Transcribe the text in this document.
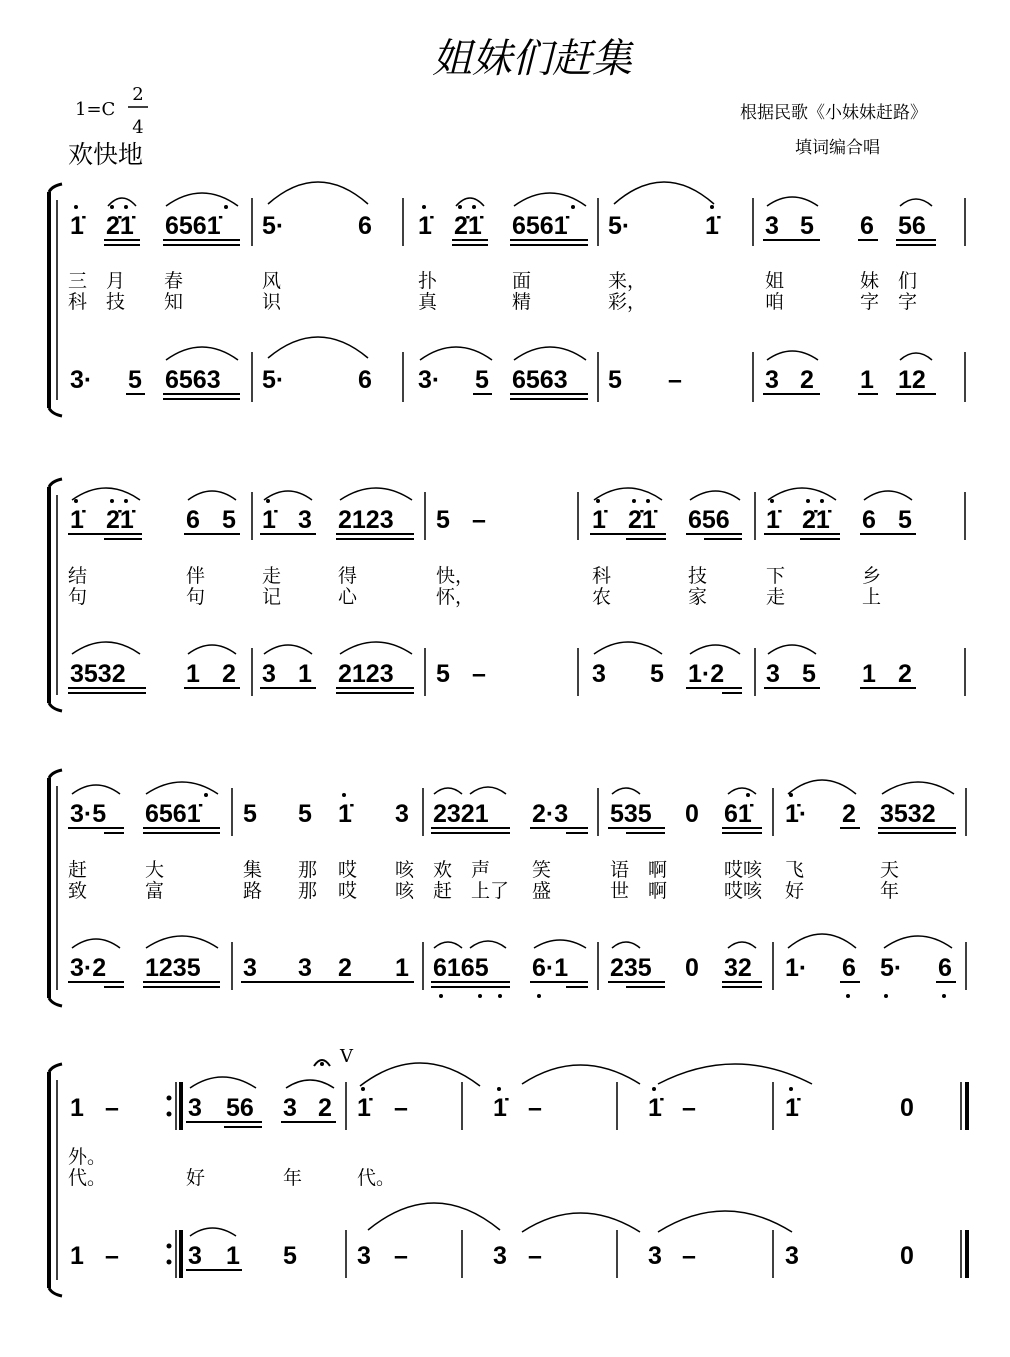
姐妹们赶集
1=C
2
4
欢快地
根据民歌《小妹妹赶路》
填词编合唱
1̇ 2̇1̇ 6561̇ 5·	6 1̇ 2̇1̇ 6561̇ 5·	1̇ 3 5 6 56
三 月 春	风	扑	面	来，	姐	妹 们
科 技 知	识	真	精	彩，	咱	字 字
3· 5 6563 5·	6 3· 5 6563 5 –	3 2 1 12
1̇ 2̇1̇ 6 5 1̇ 3 2123 5 –	1̇ 2̇1̇ 656 1̇ 2̇1̇ 6 5
结	伴	走	得	快，	科	技	下	乡
句	句	记	心	怀，	农	家	走	上
3532 1 2 3 1 2123 5 –	3 5 1·2 3 5 1 2
3·5 6561̇ 5 5 1̇ 3 2321 2·3 535 0 61̇ 1̇· 2 3532
赶	大	集 那 哎 咳 欢 声 笑	语 啊	哎咳 飞	天
致	富	路 那 哎 咳 赶 上了 盛	世 啊	哎咳 好	年
3·2 1235 3 3 2 1 6165 6·1 235 0 32 1· 6 5· 6
1 –	3 56 3 2 1̇ –	1̇ –	1̇ –	1̇	0
V
外。
代。	好	年	代。
1 –	3 1 5 3 –	3 –	3 –	3	0
